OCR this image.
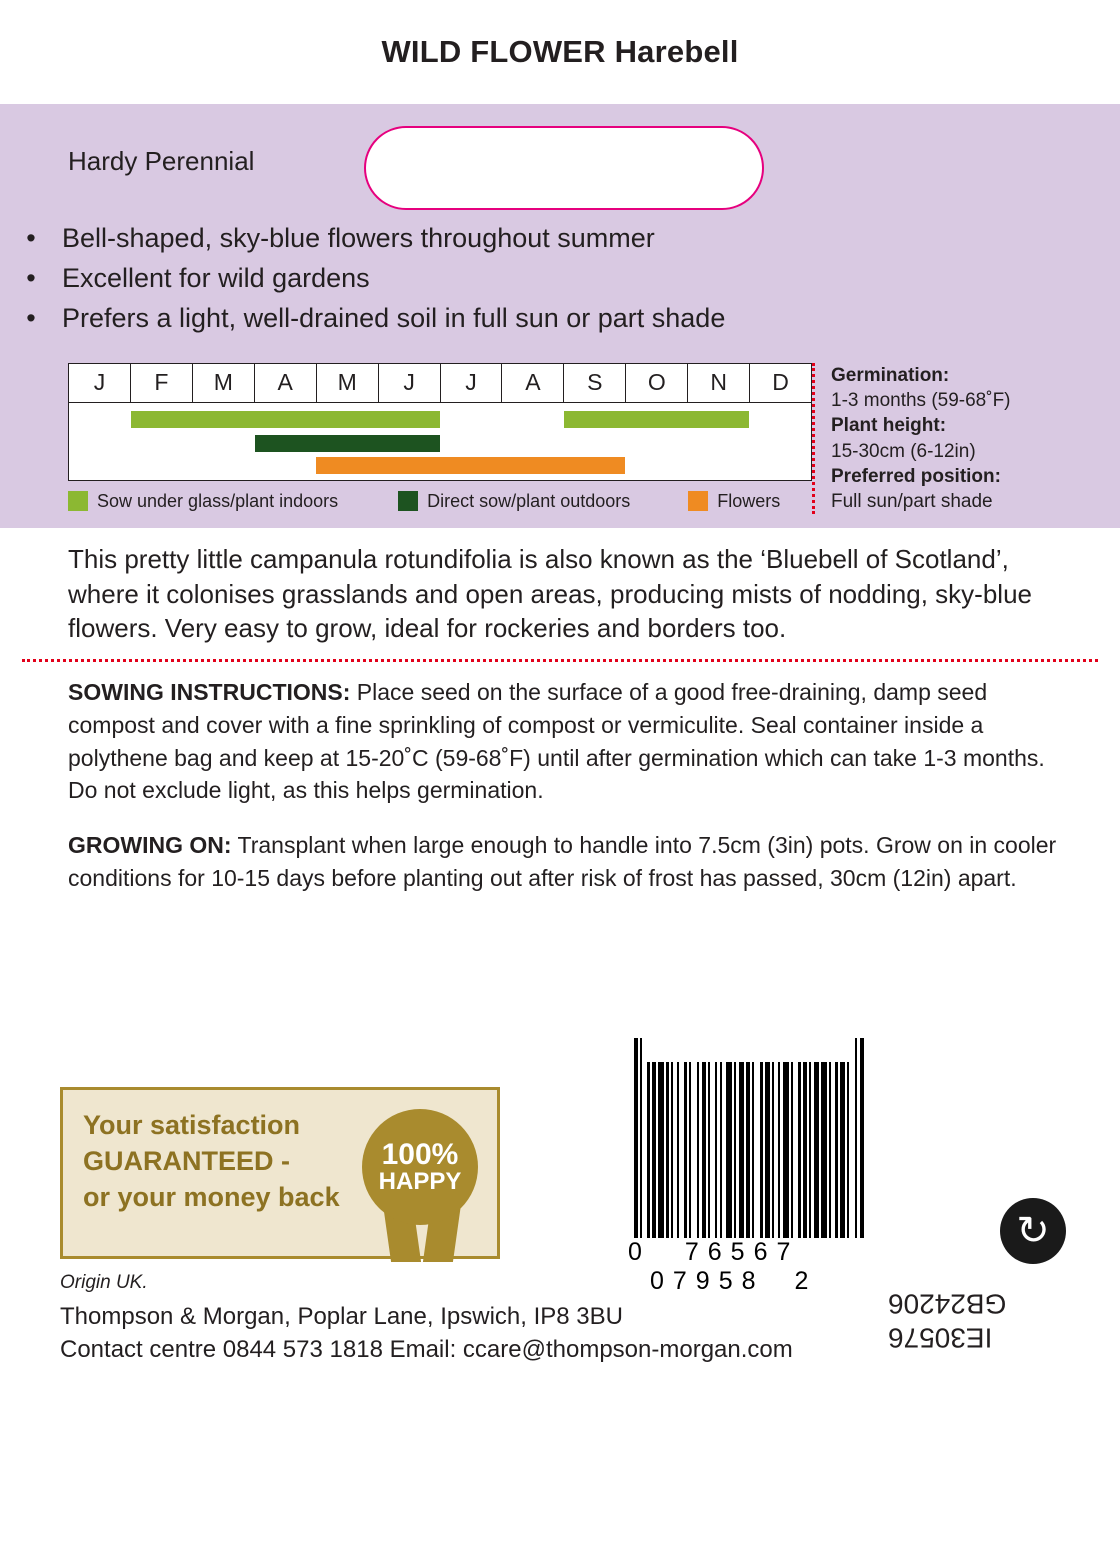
WILD FLOWER Harebell
Hardy Perennial
• Bell-shaped, sky-blue flowers throughout summer
• Excellent for wild gardens
• Prefers a light, well-drained soil in full sun or part shade
J	F	M	A	M	J	J	A	S	O	N	D
Sow under glass/plant indoors	Direct sow/plant outdoors	Flowers
Germination:
1-3 months (59-68˚F)
Plant height:
15-30cm (6-12in)
Preferred position:
Full sun/part shade
This pretty little campanula rotundifolia is also known as the ‘Bluebell of Scotland’, where it colonises grasslands and open areas, producing mists of nodding, sky-blue flowers. Very easy to grow, ideal for rockeries and borders too.

SOWING INSTRUCTIONS: Place seed on the surface of a good free-draining, damp seed compost and cover with a fine sprinkling of compost or vermiculite. Seal container inside a polythene bag and keep at 15-20˚C (59-68˚F) until after germination which can take 1-3 months. Do not exclude light, as this helps germination.

GROWING ON: Transplant when large enough to handle into 7.5cm (3in) pots. Grow on in cooler conditions for 10-15 days before planting out after risk of frost has passed, 30cm (12in) apart.

Your satisfaction
GUARANTEED -
or your money back
100%
HAPPY
0 76567 07958 2
↻
Origin UK.
Thompson & Morgan, Poplar Lane, Ipswich, IP8 3BU
Contact centre 0844 573 1818 Email: ccare@thompson-morgan.com	IE30576
GB24206
